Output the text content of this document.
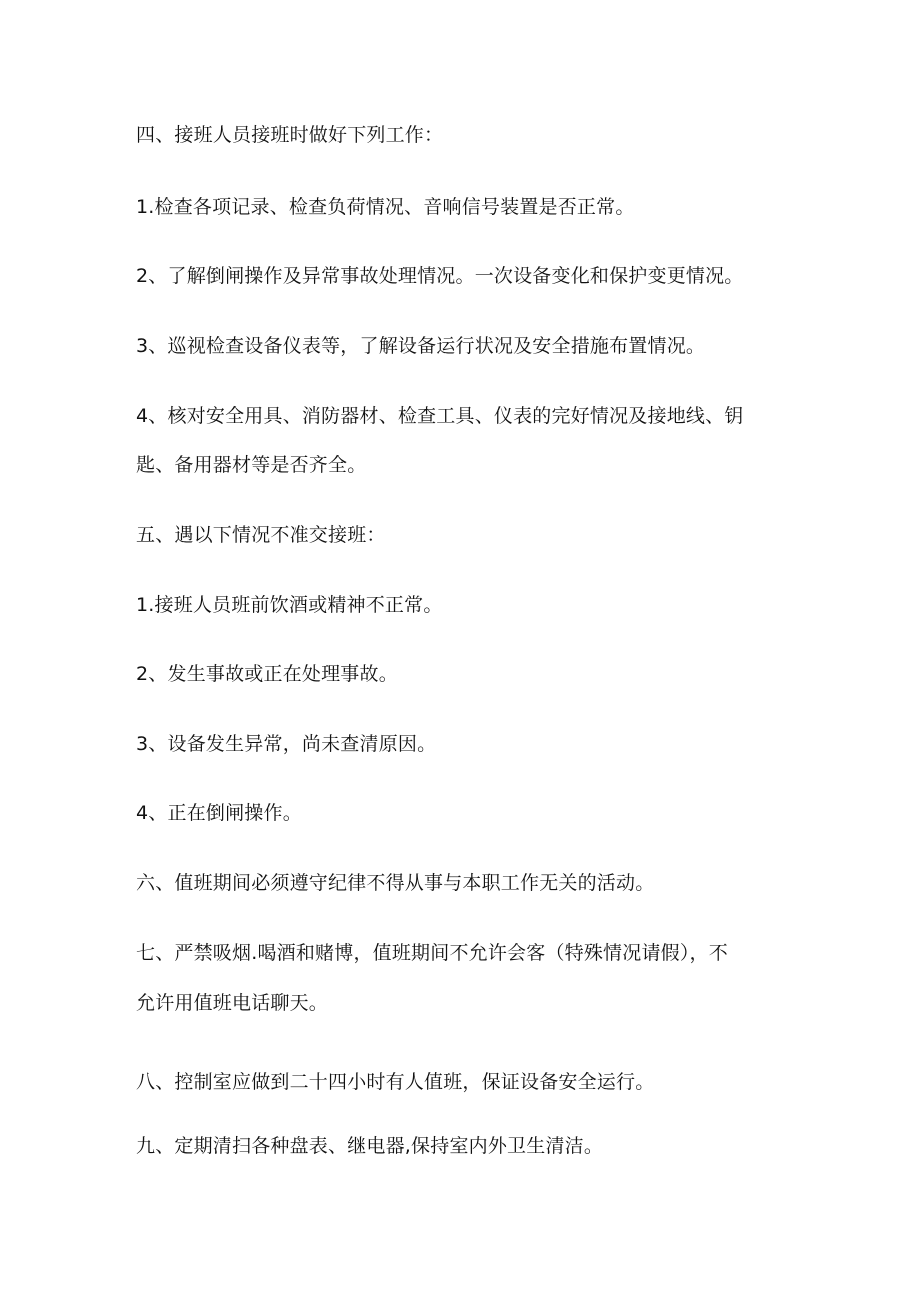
四、接班人员接班时做好下列工作：
1.检查各项记录、检查负荷情况、音响信号装置是否正常。
2、了解倒闸操作及异常事故处理情况。一次设备变化和保护变更情况。
3、巡视检查设备仪表等，了解设备运行状况及安全措施布置情况。
4、核对安全用具、消防器材、检查工具、仪表的完好情况及接地线、钥
匙、备用器材等是否齐全。
五、遇以下情况不准交接班：
1.接班人员班前饮酒或精神不正常。
2、发生事故或正在处理事故。
3、设备发生异常，尚未查清原因。
4、正在倒闸操作。
六、值班期间必须遵守纪律不得从事与本职工作无关的活动。
七、严禁吸烟.喝酒和赌博，值班期间不允许会客（特殊情况请假），不
允许用值班电话聊天。
八、控制室应做到二十四小时有人值班，保证设备安全运行。
九、定期清扫各种盘表、继电器,保持室内外卫生清洁。
